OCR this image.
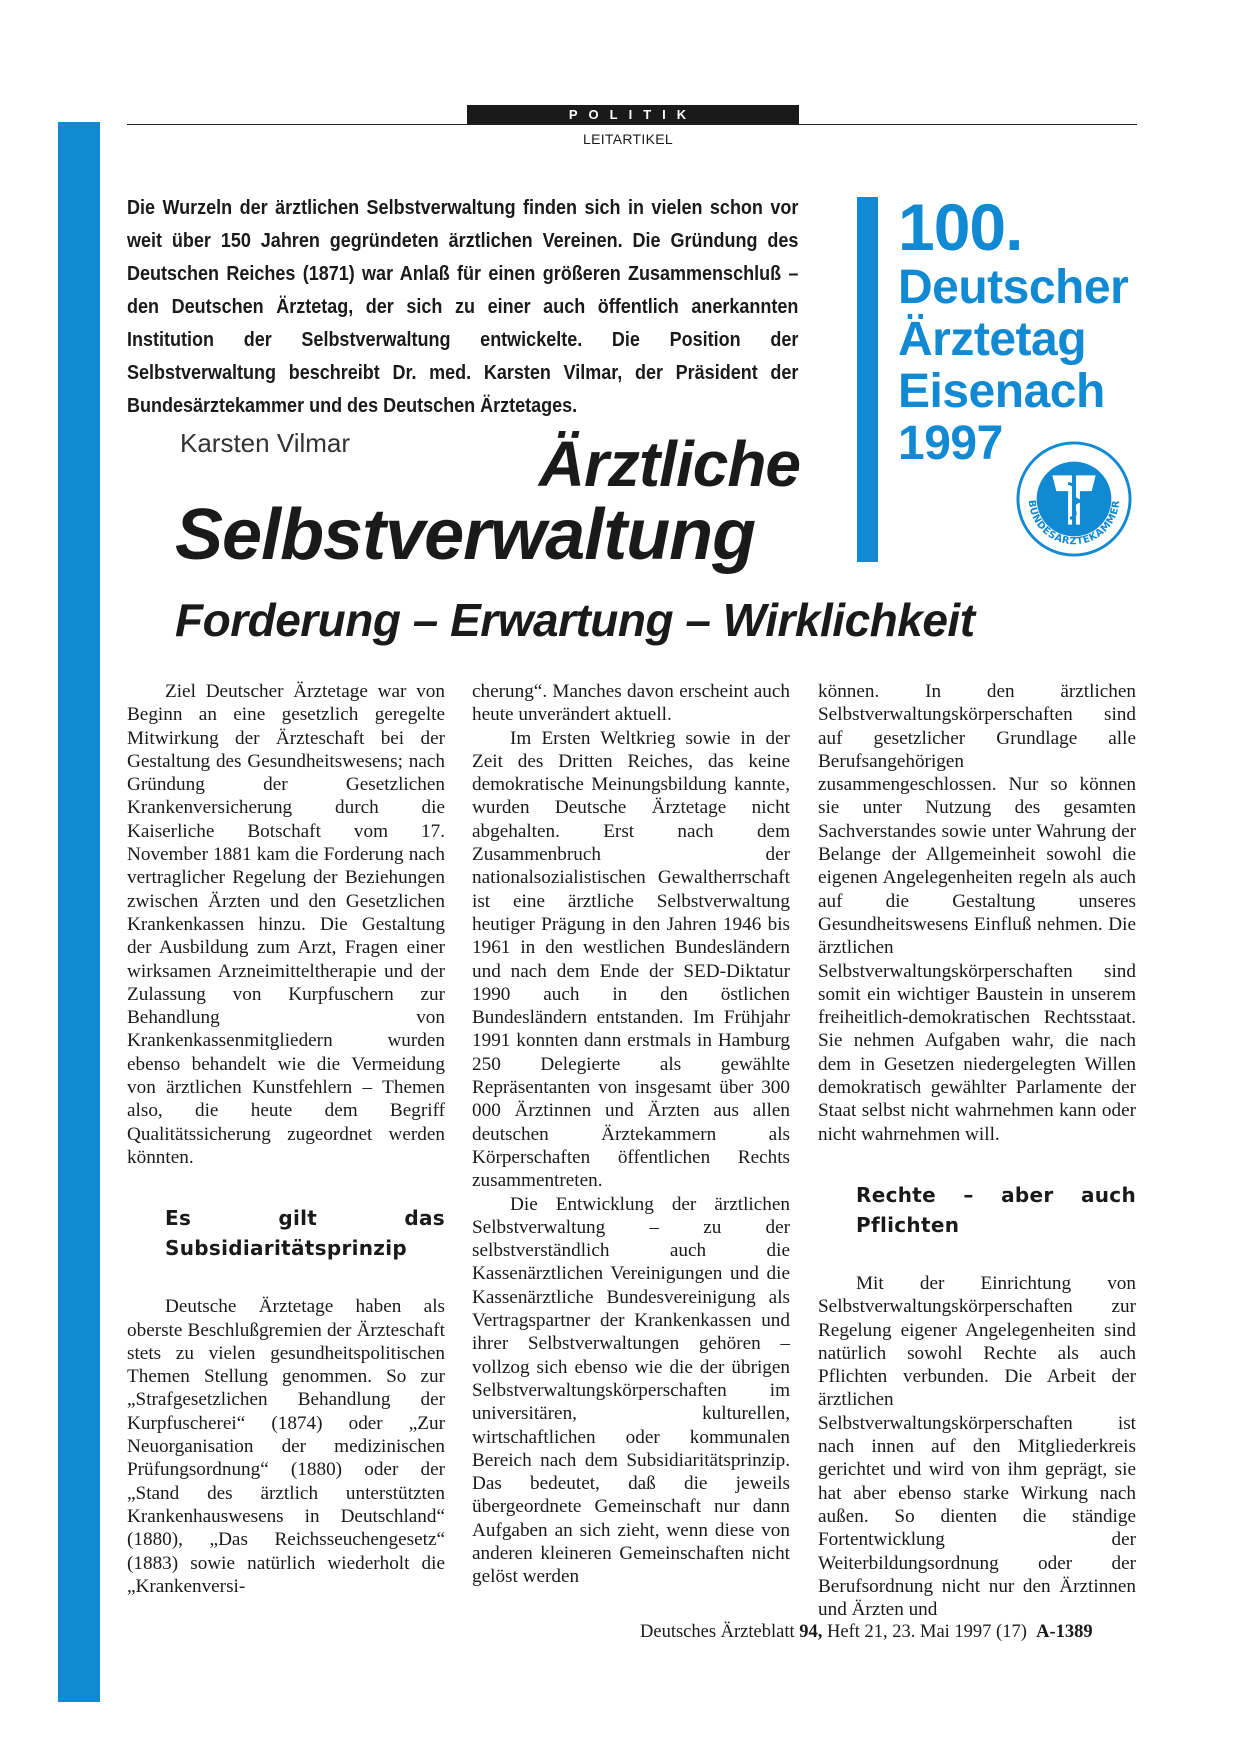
POLITIK
LEITARTIKEL

Die Wurzeln der ärztlichen Selbstverwaltung finden sich in vielen schon vor weit über 150 Jahren gegründeten ärztlichen Vereinen. Die Gründung des Deutschen Reiches (1871) war Anlaß für einen größeren Zusammenschluß – den Deutschen Ärztetag, der sich zu einer auch öffentlich anerkannten Institution der Selbstverwaltung entwickelte. Die Position der Selbstverwaltung beschreibt Dr. med. Karsten Vilmar, der Präsident der Bundesärztekammer und des Deutschen Ärztetages.

Karsten Vilmar	Ärztliche
Selbstverwaltung
Forderung – Erwartung – Wirklichkeit
100.
Deutscher
Ärztetag
Eisenach
1997
BUNDESÄRZTEKAMMER

Ziel Deutscher Ärztetage war von Beginn an eine gesetzlich geregelte Mitwirkung der Ärzteschaft bei der Gestaltung des Gesundheitswesens; nach Gründung der Gesetzlichen Krankenversicherung durch die Kaiserliche Botschaft vom 17. November 1881 kam die Forderung nach vertraglicher Regelung der Beziehungen zwischen Ärzten und den Gesetzlichen Krankenkassen hinzu. Die Gestaltung der Ausbildung zum Arzt, Fragen einer wirksamen Arzneimitteltherapie und der Zulassung von Kurpfuschern zur Behandlung von Krankenkassenmitgliedern wurden ebenso behandelt wie die Vermeidung von ärztlichen Kunstfehlern – Themen also, die heute dem Begriff Qualitätssicherung zugeordnet werden könnten.

Es gilt das Subsidiaritätsprinzip

Deutsche Ärztetage haben als oberste Beschlußgremien der Ärzteschaft stets zu vielen gesundheitspolitischen Themen Stellung genommen. So zur „Strafgesetzlichen Behandlung der Kurpfuscherei“ (1874) oder „Zur Neuorganisation der medizinischen Prüfungsordnung“ (1880) oder der „Stand des ärztlich unterstützten Krankenhauswesens in Deutschland“ (1880), „Das Reichsseuchengesetz“ (1883) sowie natürlich wiederholt die „Krankenversi-

cherung“. Manches davon erscheint auch heute unverändert aktuell.

Im Ersten Weltkrieg sowie in der Zeit des Dritten Reiches, das keine demokratische Meinungsbildung kannte, wurden Deutsche Ärztetage nicht abgehalten. Erst nach dem Zusammenbruch der nationalsozialistischen Gewaltherrschaft ist eine ärztliche Selbstverwaltung heutiger Prägung in den Jahren 1946 bis 1961 in den westlichen Bundesländern und nach dem Ende der SED-Diktatur 1990 auch in den östlichen Bundesländern entstanden. Im Frühjahr 1991 konnten dann erstmals in Hamburg 250 Delegierte als gewählte Repräsentanten von insgesamt über 300 000 Ärztinnen und Ärzten aus allen deutschen Ärztekammern als Körperschaften öffentlichen Rechts zusammentreten.

Die Entwicklung der ärztlichen Selbstverwaltung – zu der selbstverständlich auch die Kassenärztlichen Vereinigungen und die Kassenärztliche Bundesvereinigung als Vertragspartner der Krankenkassen und ihrer Selbstverwaltungen gehören – vollzog sich ebenso wie die der übrigen Selbstverwaltungskörperschaften im universitären, kulturellen, wirtschaftlichen oder kommunalen Bereich nach dem Subsidiaritätsprinzip. Das bedeutet, daß die jeweils übergeordnete Gemeinschaft nur dann Aufgaben an sich zieht, wenn diese von anderen kleineren Gemeinschaften nicht gelöst werden

können. In den ärztlichen Selbstverwaltungskörperschaften sind auf gesetzlicher Grundlage alle Berufsangehörigen zusammengeschlossen. Nur so können sie unter Nutzung des gesamten Sachverstandes sowie unter Wahrung der Belange der Allgemeinheit sowohl die eigenen Angelegenheiten regeln als auch auf die Gestaltung unseres Gesundheitswesens Einfluß nehmen. Die ärztlichen Selbstverwaltungskörperschaften sind somit ein wichtiger Baustein in unserem freiheitlich-demokratischen Rechtsstaat. Sie nehmen Aufgaben wahr, die nach dem in Gesetzen niedergelegten Willen demokratisch gewählter Parlamente der Staat selbst nicht wahrnehmen kann oder nicht wahrnehmen will.

Rechte – aber auch Pflichten

Mit der Einrichtung von Selbstverwaltungskörperschaften zur Regelung eigener Angelegenheiten sind natürlich sowohl Rechte als auch Pflichten verbunden. Die Arbeit der ärztlichen Selbstverwaltungskörperschaften ist nach innen auf den Mitgliederkreis gerichtet und wird von ihm geprägt, sie hat aber ebenso starke Wirkung nach außen. So dienten die ständige Fortentwicklung der Weiterbildungsordnung oder der Berufsordnung nicht nur den Ärztinnen und Ärzten und

Deutsches Ärzteblatt 94, Heft 21, 23. Mai 1997 (17) A-1389
